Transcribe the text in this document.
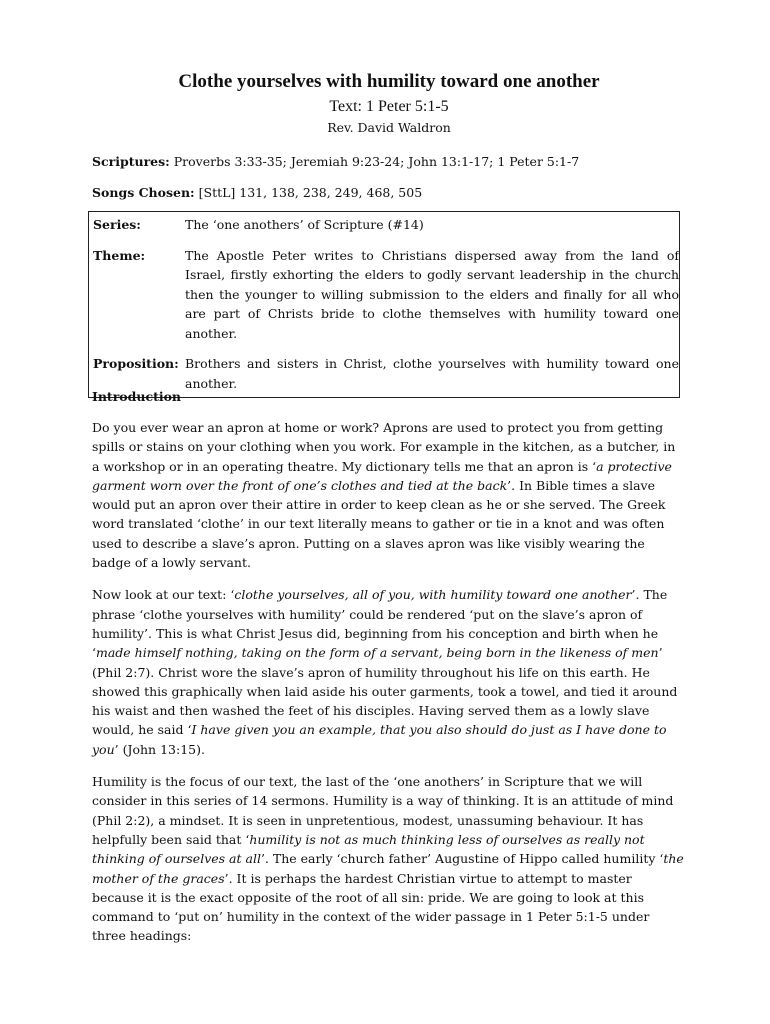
Clothe yourselves with humility toward one another
Text: 1 Peter 5:1-5
Rev. David Waldron
Scriptures: Proverbs 3:33-35; Jeremiah 9:23-24; John 13:1-17; 1 Peter 5:1-7
Songs Chosen: [SttL] 131, 138, 238, 249, 468, 505
Series:	The ‘one anothers’ of Scripture (#14)
Theme:	The Apostle Peter writes to Christians dispersed away from the land of Israel, firstly exhorting the elders to godly servant leadership in the church then the younger to willing submission to the elders and finally for all who are part of Christs bride to clothe themselves with humility toward one another.
Proposition: Brothers and sisters in Christ, clothe yourselves with humility toward one another.
Introduction

Do you ever wear an apron at home or work? Aprons are used to protect you from getting spills or stains on your clothing when you work. For example in the kitchen, as a butcher, in a workshop or in an operating theatre. My dictionary tells me that an apron is ‘a protective garment worn over the front of one’s clothes and tied at the back’. In Bible times a slave would put an apron over their attire in order to keep clean as he or she served. The Greek word translated ‘clothe’ in our text literally means to gather or tie in a knot and was often used to describe a slave’s apron. Putting on a slaves apron was like visibly wearing the badge of a lowly servant.

Now look at our text: ‘clothe yourselves, all of you, with humility toward one another’. The phrase ‘clothe yourselves with humility’ could be rendered ‘put on the slave’s apron of humility’. This is what Christ Jesus did, beginning from his conception and birth when he ‘made himself nothing, taking on the form of a servant, being born in the likeness of men’ (Phil 2:7). Christ wore the slave’s apron of humility throughout his life on this earth. He showed this graphically when laid aside his outer garments, took a towel, and tied it around his waist and then washed the feet of his disciples. Having served them as a lowly slave would, he said ‘I have given you an example, that you also should do just as I have done to you’ (John 13:15).

Humility is the focus of our text, the last of the ‘one anothers’ in Scripture that we will consider in this series of 14 sermons. Humility is a way of thinking. It is an attitude of mind (Phil 2:2), a mindset. It is seen in unpretentious, modest, unassuming behaviour. It has helpfully been said that ‘humility is not as much thinking less of ourselves as really not thinking of ourselves at all’. The early ‘church father’ Augustine of Hippo called humility ‘the mother of the graces’. It is perhaps the hardest Christian virtue to attempt to master because it is the exact opposite of the root of all sin: pride. We are going to look at this command to ‘put on’ humility in the context of the wider passage in 1 Peter 5:1-5 under three headings:
